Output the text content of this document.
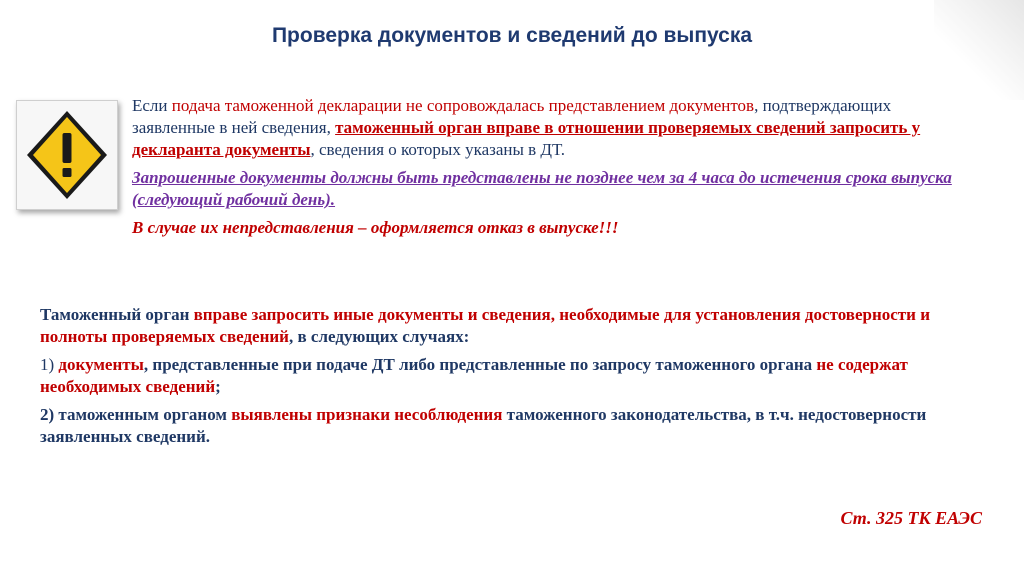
Проверка документов и сведений до выпуска

Если подача таможенной декларации не сопровождалась представлением документов, подтверждающих заявленные в ней сведения, таможенный орган вправе в отношении проверяемых сведений запросить у декларанта документы, сведения о которых указаны в ДТ.

Запрошенные документы должны быть представлены не позднее чем за 4 часа до истечения срока выпуска (следующий рабочий день).

В случае их непредставления – оформляется отказ в выпуске!!!

Таможенный орган вправе запросить иные документы и сведения, необходимые для установления достоверности и полноты проверяемых сведений, в следующих случаях:

1) документы, представленные при подаче ДТ либо представленные по запросу таможенного органа не содержат необходимых сведений;

2) таможенным органом выявлены признаки несоблюдения таможенного законодательства, в т.ч. недостоверности заявленных сведений.

Ст. 325 ТК ЕАЭС
